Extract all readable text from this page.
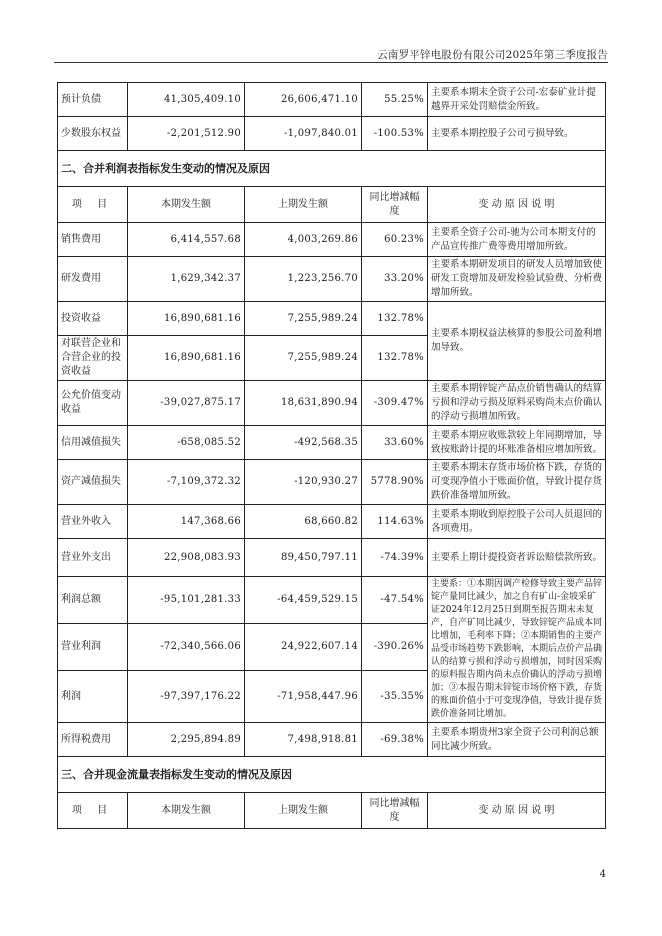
云南罗平锌电股份有限公司2025年第三季度报告
预计负债	41,305,409.10	26,606,471.10	55.25%	主要系本期末全资子公司-宏泰矿业计提越界开采处罚赔偿金所致。
少数股东权益	-2,201,512.90	-1,097,840.01	-100.53%	主要系本期控股子公司亏损导致。
二、合并利润表指标发生变动的情况及原因				
项 目	本期发生额	上期发生额	同比增减幅度	变 动 原 因 说 明
销售费用	6,414,557.68	4,003,269.86	60.23%	主要系全资子公司-驰为公司本期支付的产品宣传推广费等费用增加所致。
研发费用	1,629,342.37	1,223,256.70	33.20%	主要系本期研发项目的研发人员增加致使研发工资增加及研发检验试验费、分析费增加所致。
投资收益	16,890,681.16	7,255,989.24	132.78%	主要系本期权益法核算的参股公司盈利增加导致。
对联营企业和合营企业的投资收益	16,890,681.16	7,255,989.24	132.78%	
公允价值变动收益	-39,027,875.17	18,631,890.94	-309.47%	主要系本期锌锭产品点价销售确认的结算亏损和浮动亏损及原料采购尚未点价确认的浮动亏损增加所致。
信用减值损失	-658,085.52	-492,568.35	33.60%	主要系本期应收账款较上年同期增加，导致按账龄计提的坏账准备相应增加所致。
资产减值损失	-7,109,372.32	-120,930.27	5778.90%	主要系本期末存货市场价格下跌，存货的可变现净值小于账面价值，导致计提存货跌价准备增加所致。
营业外收入	147,368.66	68,660.82	114.63%	主要系本期收到原控股子公司人员退回的各项费用。
营业外支出	22,908,083.93	89,450,797.11	-74.39%	主要系上期计提投资者诉讼赔偿款所致。
利润总额	-95,101,281.33	-64,459,529.15	-47.54%	主要系：①本期因调产检修导致主要产品锌锭产量同比减少，加之自有矿山-金坡采矿证2024年12月25日到期至报告期末未复产，自产矿同比减少，导致锌锭产品成本同比增加，毛利率下降；②本期销售的主要产品受市场趋势下跌影响，本期后点价产品确认的结算亏损和浮动亏损增加，同时因采购的原料报告期内尚未点价确认的浮动亏损增加；③本报告期末锌锭市场价格下跌，存货的账面价值小于可变现净值，导致计提存货跌价准备同比增加。
营业利润	-72,340,566.06	24,922,607.14	-390.26%	
利润	-97,397,176.22	-71,958,447.96	-35.35%	
所得税费用	2,295,894.89	7,498,918.81	-69.38%	主要系本期贵州3家全资子公司利润总额同比减少所致。
三、合并现金流量表指标发生变动的情况及原因				
项 目	本期发生额	上期发生额	同比增减幅度	变 动 原 因 说 明
4
